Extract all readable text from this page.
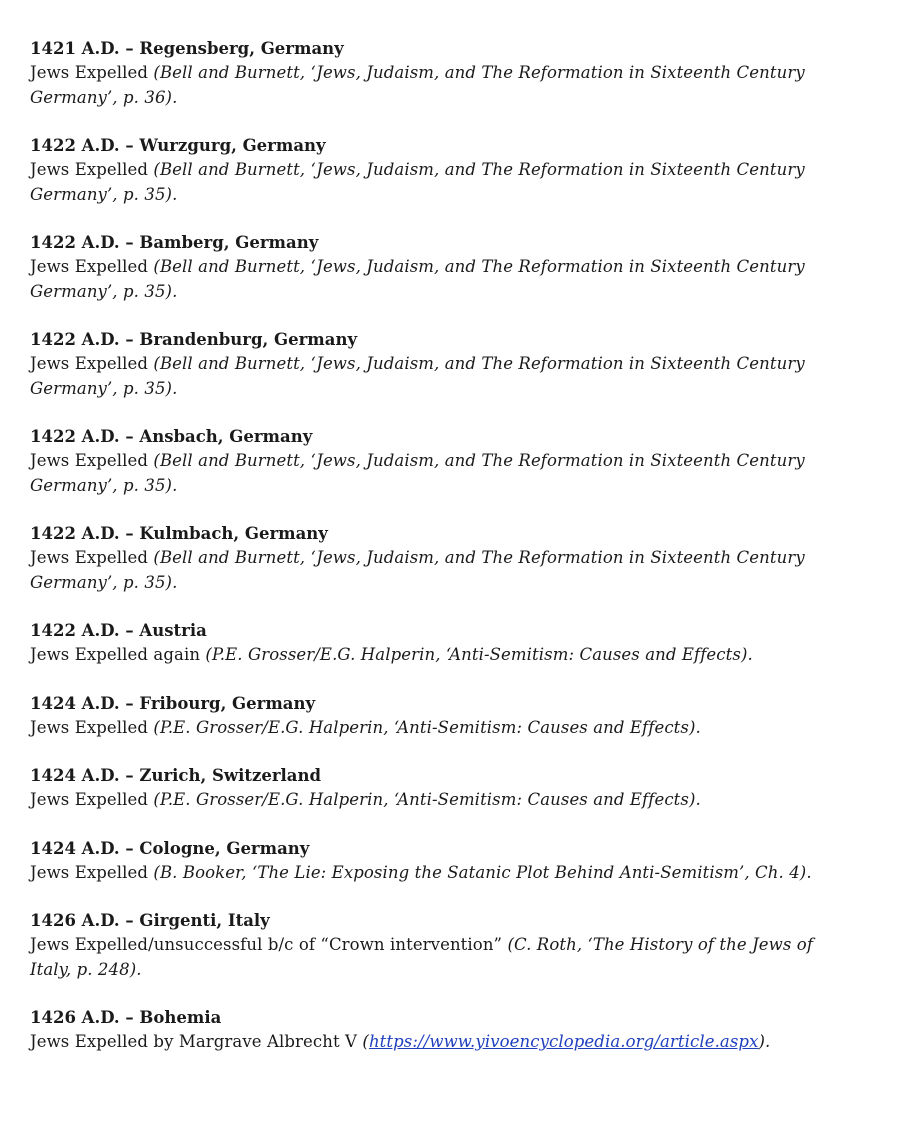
1421 A.D. – Regensberg, Germany

Jews Expelled (Bell and Burnett, ‘Jews, Judaism, and The Reformation in Sixteenth Century Germany’, p. 36).

1422 A.D. – Wurzgurg, Germany

Jews Expelled (Bell and Burnett, ‘Jews, Judaism, and The Reformation in Sixteenth Century Germany’, p. 35).

1422 A.D. – Bamberg, Germany

Jews Expelled (Bell and Burnett, ‘Jews, Judaism, and The Reformation in Sixteenth Century Germany’, p. 35).

1422 A.D. – Brandenburg, Germany

Jews Expelled (Bell and Burnett, ‘Jews, Judaism, and The Reformation in Sixteenth Century Germany’, p. 35).

1422 A.D. – Ansbach, Germany

Jews Expelled (Bell and Burnett, ‘Jews, Judaism, and The Reformation in Sixteenth Century Germany’, p. 35).

1422 A.D. – Kulmbach, Germany

Jews Expelled (Bell and Burnett, ‘Jews, Judaism, and The Reformation in Sixteenth Century Germany’, p. 35).

1422 A.D. – Austria

Jews Expelled again (P.E. Grosser/E.G. Halperin, ‘Anti-Semitism: Causes and Effects).

1424 A.D. – Fribourg, Germany

Jews Expelled (P.E. Grosser/E.G. Halperin, ‘Anti-Semitism: Causes and Effects).

1424 A.D. – Zurich, Switzerland

Jews Expelled (P.E. Grosser/E.G. Halperin, ‘Anti-Semitism: Causes and Effects).

1424 A.D. – Cologne, Germany

Jews Expelled (B. Booker, ‘The Lie: Exposing the Satanic Plot Behind Anti-Semitism’, Ch. 4).

1426 A.D. – Girgenti, Italy

Jews Expelled/unsuccessful b/c of “Crown intervention” (C. Roth, ‘The History of the Jews of Italy, p. 248).

1426 A.D. – Bohemia

Jews Expelled by Margrave Albrecht V (https://www.yivoencyclopedia.org/article.aspx).
